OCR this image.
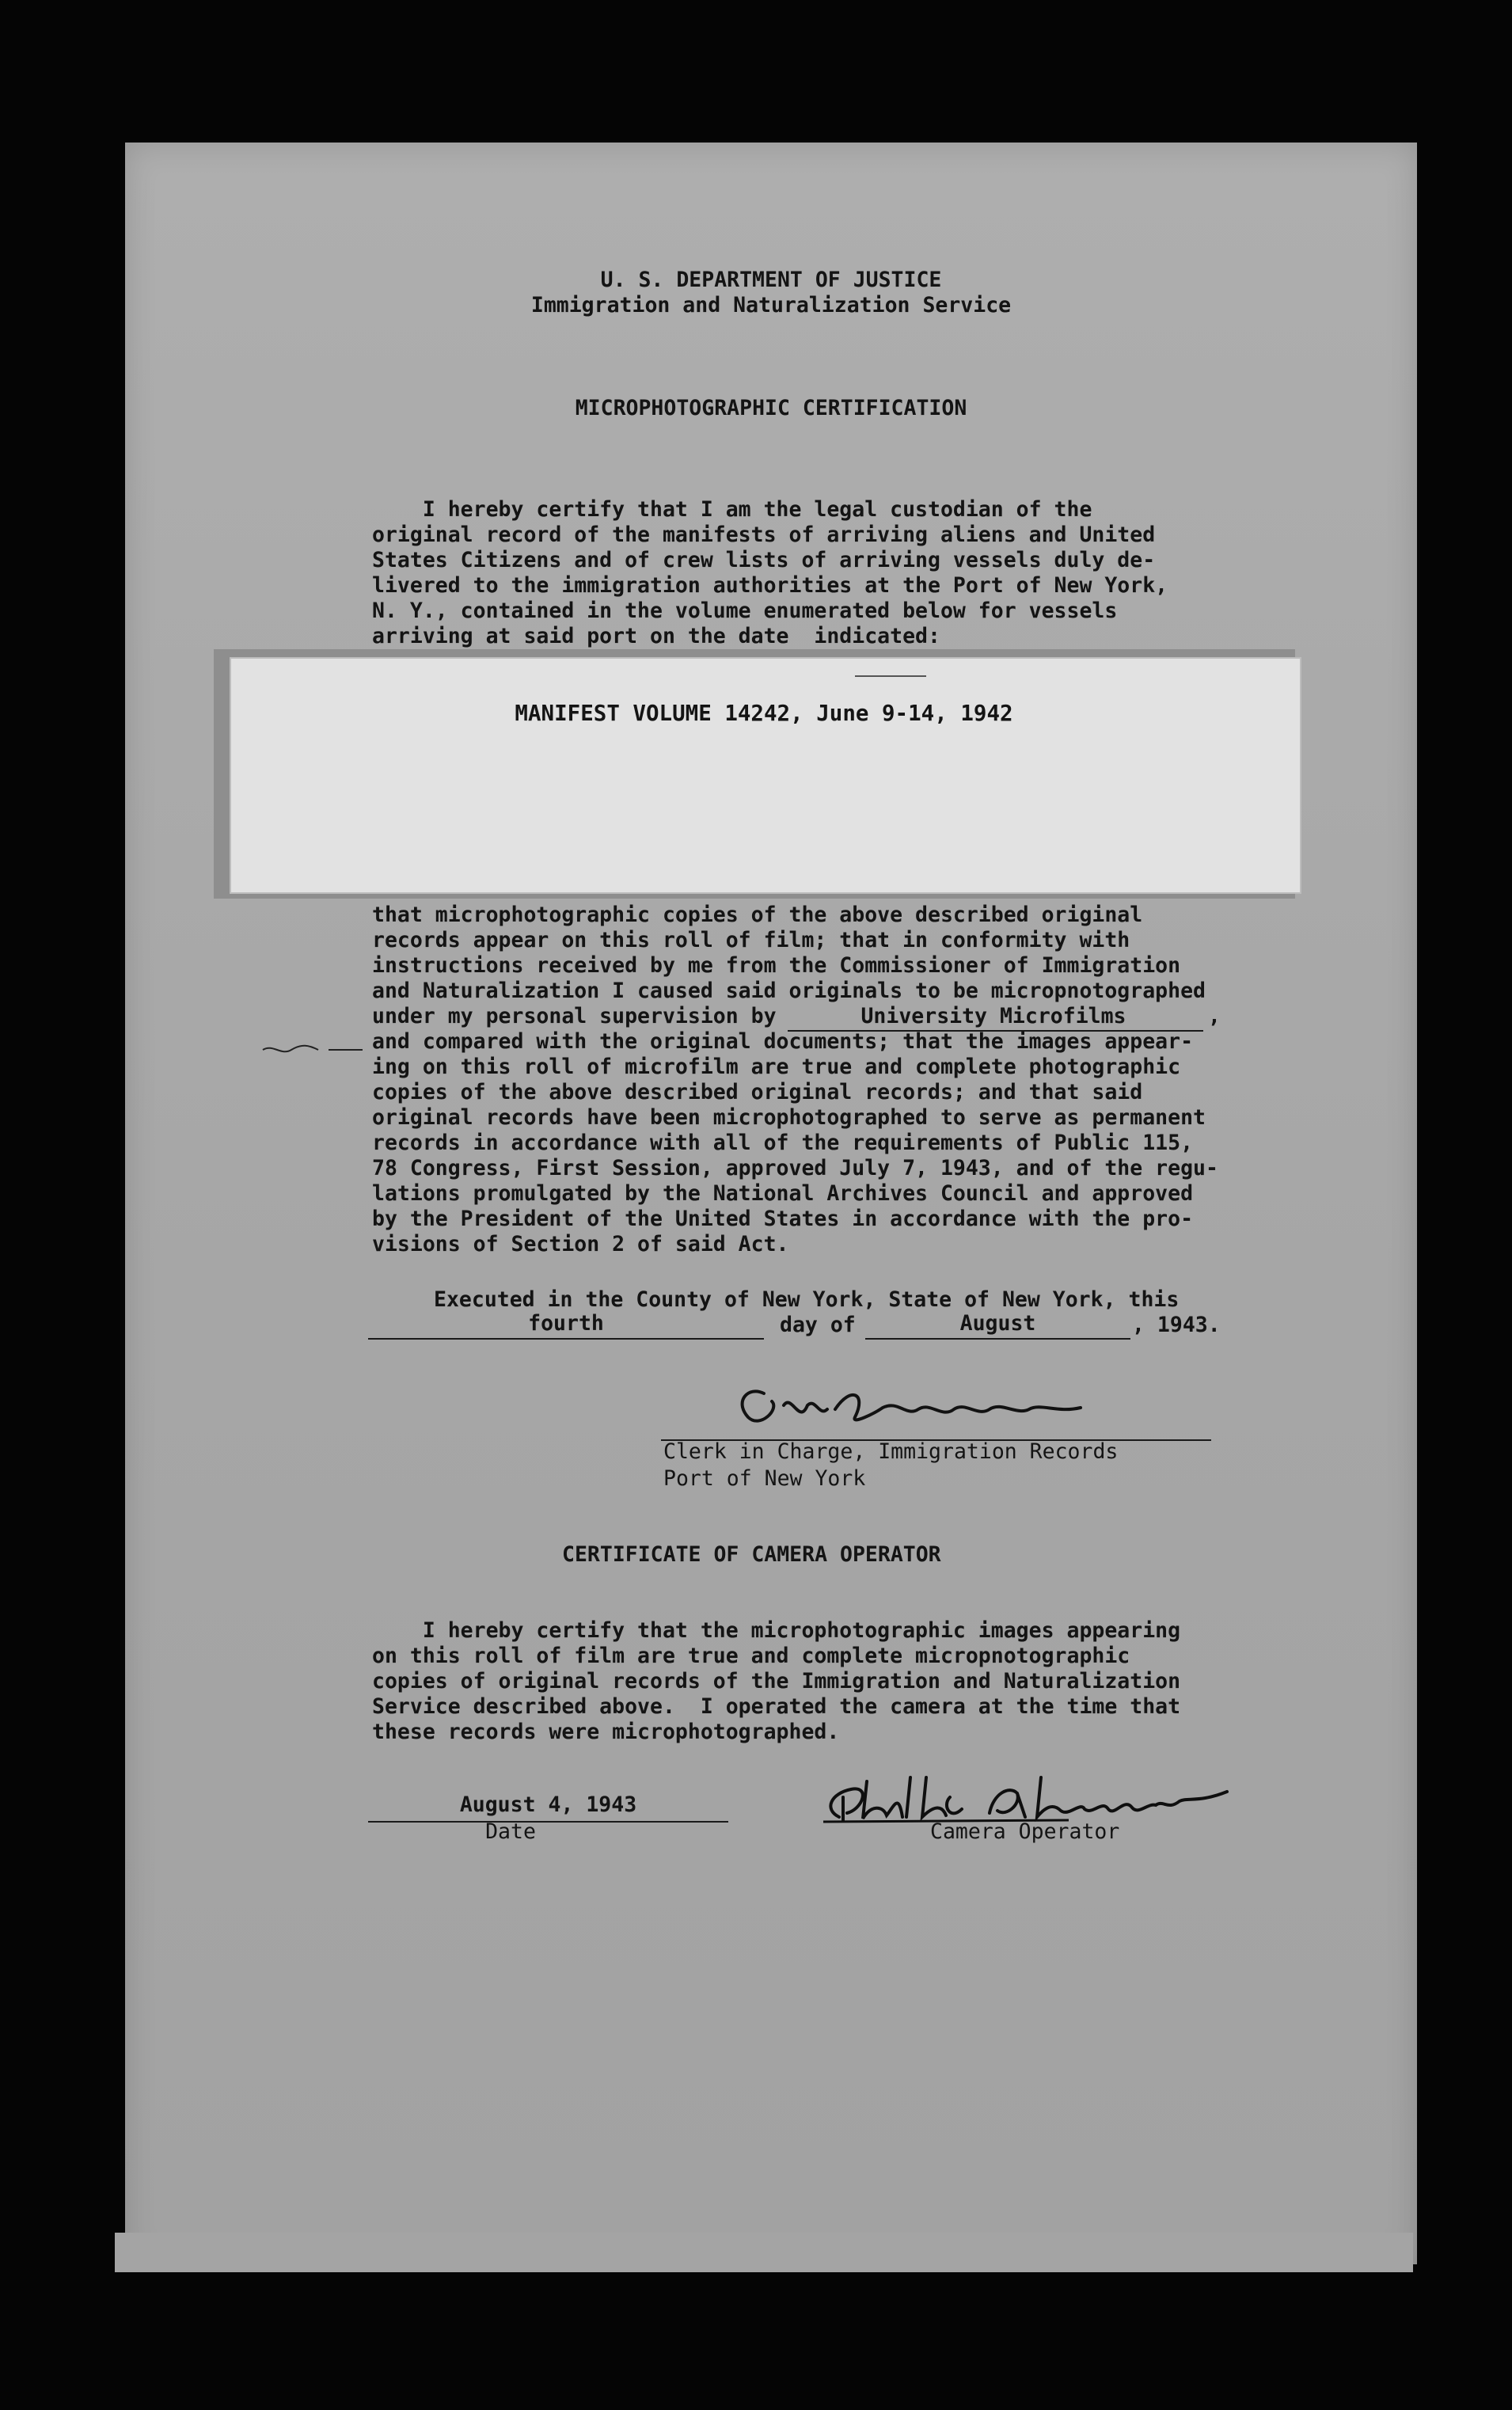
U. S. DEPARTMENT OF JUSTICE
Immigration and Naturalization Service
MICROPHOTOGRAPHIC CERTIFICATION
I hereby certify that I am the legal custodian of the
original record of the manifests of arriving aliens and United
States Citizens and of crew lists of arriving vessels duly de-
livered to the immigration authorities at the Port of New York,
N. Y., contained in the volume enumerated below for vessels
arriving at said port on the date  indicated:
MANIFEST VOLUME 14242, June 9-14, 1942
that microphotographic copies of the above described original
records appear on this roll of film; that in conformity with
instructions received by me from the Commissioner of Immigration
and Naturalization I caused said originals to be micropnotographed
under my personal supervision by	University Microfilms	,
and compared with the original documents; that the images appear-
ing on this roll of microfilm are true and complete photographic
copies of the above described original records; and that said
original records have been microphotographed to serve as permanent
records in accordance with all of the requirements of Public 115,
78 Congress, First Session, approved July 7, 1943, and of the regu-
lations promulgated by the National Archives Council and approved
by the President of the United States in accordance with the pro-
visions of Section 2 of said Act.
Executed in the County of New York, State of New York, this
fourth	day of	August	, 1943.
Clerk in Charge, Immigration Records
Port of New York
CERTIFICATE OF CAMERA OPERATOR
I hereby certify that the microphotographic images appearing
on this roll of film are true and complete micropnotographic
copies of original records of the Immigration and Naturalization
Service described above.  I operated the camera at the time that
these records were microphotographed.
August 4, 1943
Date	Camera Operator
